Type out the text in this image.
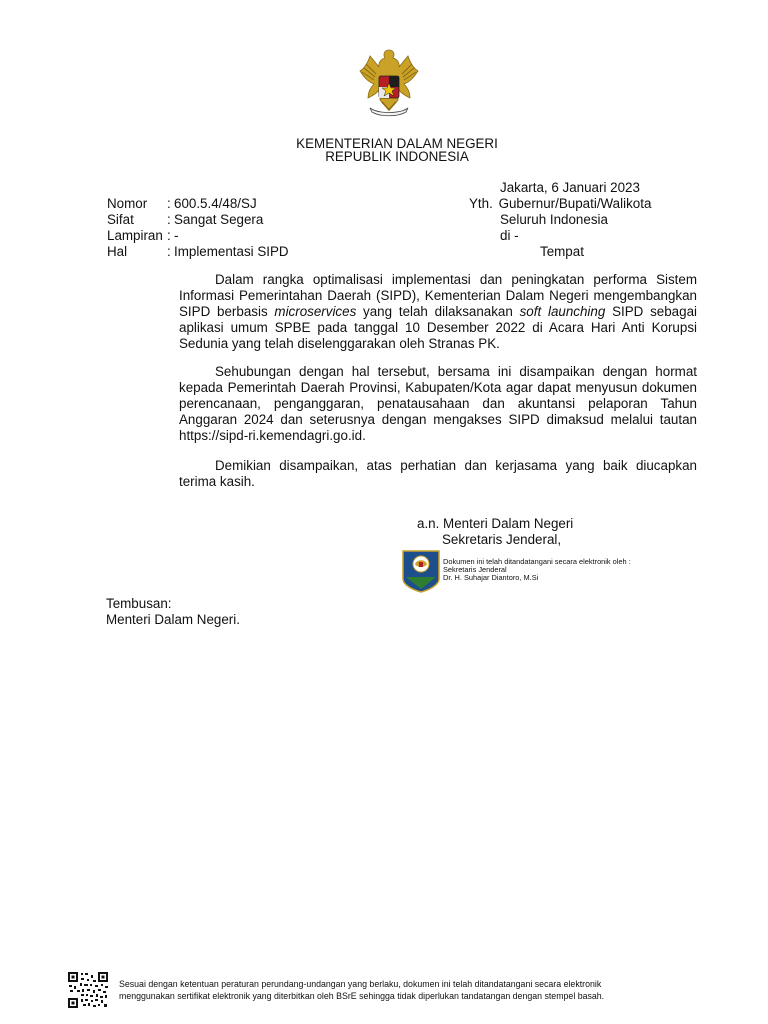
KEMENTERIAN DALAM NEGERI
REPUBLIK INDONESIA
Nomor : 600.5.4/48/SJ
Sifat : Sangat Segera
Lampiran : -
Hal	: Implementasi SIPD
Jakarta, 6 Januari 2023
Yth. Gubernur/Bupati/Walikota
Seluruh Indonesia
di -
Tempat

Dalam rangka optimalisasi implementasi dan peningkatan performa Sistem Informasi Pemerintahan Daerah (SIPD), Kementerian Dalam Negeri mengembangkan SIPD berbasis microservices yang telah dilaksanakan soft launching SIPD sebagai aplikasi umum SPBE pada tanggal 10 Desember 2022 di Acara Hari Anti Korupsi Sedunia yang telah diselenggarakan oleh Stranas PK.

Sehubungan dengan hal tersebut, bersama ini disampaikan dengan hormat kepada Pemerintah Daerah Provinsi, Kabupaten/Kota agar dapat menyusun dokumen perencanaan, penganggaran, penatausahaan dan akuntansi pelaporan Tahun Anggaran 2024 dan seterusnya dengan mengakses SIPD dimaksud melalui tautan https://sipd-ri.kemendagri.go.id.

Demikian disampaikan, atas perhatian dan kerjasama yang baik diucapkan terima kasih.

a.n. Menteri Dalam Negeri
Sekretaris Jenderal,
Dokumen ini telah ditandatangani secara elektronik oleh :
Sekretaris Jenderal
Dr. H. Suhajar Diantoro, M.Si
Tembusan:
Menteri Dalam Negeri.
Sesuai dengan ketentuan peraturan perundang-undangan yang berlaku, dokumen ini telah ditandatangani secara elektronik
menggunakan sertifikat elektronik yang diterbitkan oleh BSrE sehingga tidak diperlukan tandatangan dengan stempel basah.
